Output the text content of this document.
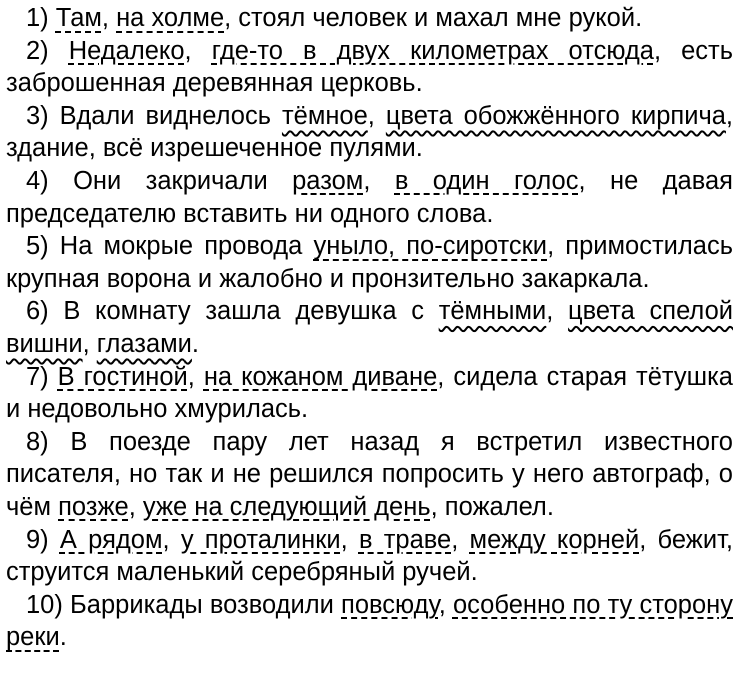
1) Там, на холме, стоял человек и махал мне рукой.

2) Недалеко, где-то в двух километрах отсюда, есть заброшенная деревянная церковь.

3) Вдали виднелось тёмное, цвета обожжённого кирпича, здание, всё изрешеченное пулями.

4) Они закричали разом, в один голос, не давая председателю вставить ни одного слова.

5) На мокрые провода уныло, по-сиротски, примостилась крупная ворона и жалобно и пронзительно закаркала.

6) В комнату зашла девушка с тёмными, цвета спелой вишни, глазами.

7) В гостиной, на кожаном диване, сидела старая тётушка и недовольно хмурилась.

8) В поезде пару лет назад я встретил известного писателя, но так и не решился попросить у него автограф, о чём позже, уже на следующий день, пожалел.

9) А рядом, у проталинки, в траве, между корней, бежит, струится маленький серебряный ручей.

10) Баррикады возводили повсюду, особенно по ту сторону реки.
